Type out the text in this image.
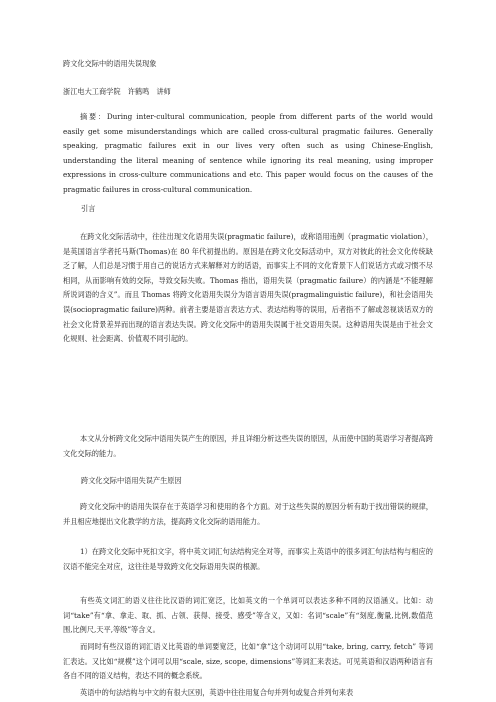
跨文化交际中的语用失误现象

浙江电大工商学院　许鹤鸣　讲师

摘要：During inter-cultural communication, people from different parts of the world would easily get some misunderstandings which are called cross-cultural pragmatic failures. Generally speaking, pragmatic failures exit in our lives very often such as using Chinese-English, understanding the literal meaning of sentence while ignoring its real meaning, using improper expressions in cross-culture communications and etc. This paper would focus on the causes of the pragmatic failures in cross-cultural communication.

引言

在跨文化交际活动中，往往出现文化语用失误(pragmatic failure)，或称语用违例（pragmatic violation），是英国语言学者托马斯(Thomas)在 80 年代初提出的。原因是在跨文化交际活动中，双方对彼此的社会文化传统缺乏了解，人们总是习惯于用自己的说话方式来解释对方的话语，而事实上不同的文化背景下人们说话方式或习惯不尽相同，从而影响有效的交际，导致交际失败。Thomas 指出，语用失误（pragmatic failure）的内涵是“不能理解所说词语的含义”。而且 Thomas 将跨文化语用失误分为语言语用失误(pragmalinguistic failure)，和社会语用失误(sociopragmatic failure)两种。前者主要是语言表达方式、表达结构等的误用，后者指不了解或忽视谈话双方的社会文化背景差异而出现的语言表达失误。跨文化交际中的语用失误属于社交语用失误。这种语用失误是由于社会文化规则、社会距离、价值观不同引起的。

本文从分析跨文化交际中语用失误产生的原因，并且详细分析这些失误的原因，从而使中国的英语学习者提高跨文化交际的能力。

跨文化交际中语用失误产生原因

跨文化交际中的语用失误存在于英语学习和使用的各个方面。对于这些失误的原因分析有助于找出错误的规律，并且相应地提出文化教学的方法，提高跨文化交际的语用能力。

1）在跨文化交际中死扣文字，将中英文词汇句法结构完全对等，而事实上英语中的很多词汇句法结构与相应的汉语不能完全对应，这往往是导致跨文化交际语用失误的根源。

有些英文词汇的语义往往比汉语的词汇宽泛，比如英文的一个单词可以表达多种不同的汉语涵义。比如：动词“take”有“拿、拿走、取、抓、占领、获得、接受、感受”等含义，又如：名词“scale”有“刻度,衡量,比例,数值范围,比例尺,天平,等级”等含义。

而同时有些汉语的词汇语义比英语的单词要宽泛，比如“拿”这个动词可以用“take, bring, carry, fetch” 等词汇表达。又比如“规模”这个词可以用“scale, size, scope, dimensions”等词汇来表达。可见英语和汉语两种语言有各自不同的语义结构，表达不同的概念系统。

英语中的句法结构与中文的有很大区别，英语中往往用复合句并列句或复合并列句来表
